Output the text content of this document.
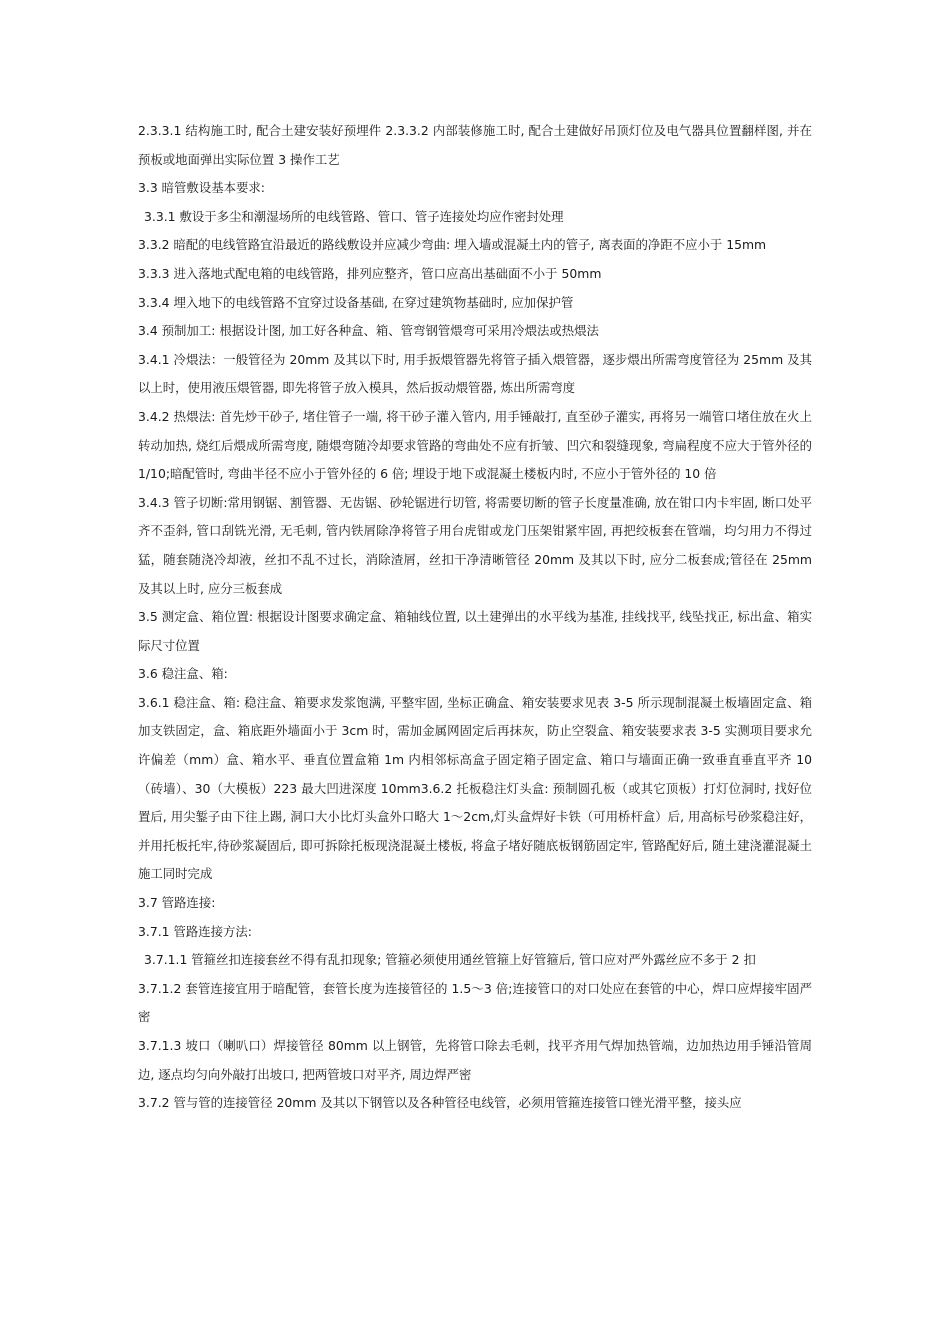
2.3.3.1 结构施工时, 配合土建安装好预埋件 2.3.3.2 内部装修施工时, 配合土建做好吊顶灯位及电气器具位置翻样图, 并在预板或地面弹出实际位置 3 操作工艺

3.3 暗管敷设基本要求:

3.3.1 敷设于多尘和潮湿场所的电线管路、管口、管子连接处均应作密封处理

3.3.2 暗配的电线管路宜沿最近的路线敷设并应减少弯曲: 埋入墙或混凝土内的管子, 离表面的净距不应小于 15mm

3.3.3 进入落地式配电箱的电线管路，排列应整齐，管口应高出基础面不小于 50mm

3.3.4 埋入地下的电线管路不宜穿过设备基础, 在穿过建筑物基础时, 应加保护管

3.4 预制加工: 根据设计图, 加工好各种盒、箱、管弯钢管煨弯可采用冷煨法或热煨法

3.4.1 冷煨法：一般管径为 20mm 及其以下时, 用手扳煨管器先将管子插入煨管器，逐步煨出所需弯度管径为 25mm 及其以上时，使用液压煨管器, 即先将管子放入模具，然后扳动煨管器, 炼出所需弯度

3.4.2 热煨法: 首先炒干砂子, 堵住管子一端, 将干砂子灌入管内, 用手锤敲打, 直至砂子灌实, 再将另一端管口堵住放在火上转动加热, 烧红后煨成所需弯度, 随煨弯随冷却要求管路的弯曲处不应有折皱、凹穴和裂缝现象, 弯扁程度不应大于管外径的 1/10;暗配管时, 弯曲半径不应小于管外径的 6 倍; 埋设于地下或混凝土楼板内时, 不应小于管外径的 10 倍

3.4.3 管子切断:常用钢锯、割管器、无齿锯、砂轮锯进行切管, 将需要切断的管子长度量准确, 放在钳口内卡牢固, 断口处平齐不歪斜, 管口刮铣光滑, 无毛刺, 管内铁屑除净将管子用台虎钳或龙门压架钳紧牢固, 再把绞板套在管端，均匀用力不得过猛，随套随浇冷却液，丝扣不乱不过长，消除渣屑，丝扣干净清晰管径 20mm 及其以下时, 应分二板套成;管径在 25mm 及其以上时, 应分三板套成

3.5 测定盒、箱位置: 根据设计图要求确定盒、箱轴线位置, 以土建弹出的水平线为基准, 挂线找平, 线坠找正, 标出盒、箱实际尺寸位置

3.6 稳注盒、箱:

3.6.1 稳注盒、箱: 稳注盒、箱要求发浆饱满, 平整牢固, 坐标正确盒、箱安装要求见表 3-5 所示现制混凝土板墙固定盒、箱加支铁固定，盒、箱底距外墙面小于 3cm 时，需加金属网固定后再抹灰，防止空裂盒、箱安装要求表 3-5 实测项目要求允许偏差（mm）盒、箱水平、垂直位置盒箱 1m 内相邻标高盒子固定箱子固定盒、箱口与墙面正确一致垂直垂直平齐 10（砖墙）、30（大模板）223 最大凹进深度 10mm3.6.2 托板稳注灯头盒: 预制圆孔板（或其它顶板）打灯位洞时, 找好位置后, 用尖錾子由下往上踢, 洞口大小比灯头盒外口略大 1～2cm,灯头盒焊好卡铁（可用桥杆盒）后, 用高标号砂浆稳注好，并用托板托牢,待砂浆凝固后, 即可拆除托板现浇混凝土楼板, 将盒子堵好随底板钢筋固定牢, 管路配好后, 随土建浇灌混凝土施工同时完成

3.7 管路连接:

3.7.1 管路连接方法:

3.7.1.1 管箍丝扣连接套丝不得有乱扣现象; 管箍必须使用通丝管箍上好管箍后, 管口应对严外露丝应不多于 2 扣

3.7.1.2 套管连接宜用于暗配管，套管长度为连接管径的 1.5～3 倍;连接管口的对口处应在套管的中心，焊口应焊接牢固严密

3.7.1.3 坡口（喇叭口）焊接管径 80mm 以上钢管，先将管口除去毛刺，找平齐用气焊加热管端，边加热边用手锤沿管周边, 逐点均匀向外敲打出坡口, 把两管坡口对平齐, 周边焊严密

3.7.2 管与管的连接管径 20mm 及其以下钢管以及各种管径电线管，必须用管箍连接管口锉光滑平整，接头应
